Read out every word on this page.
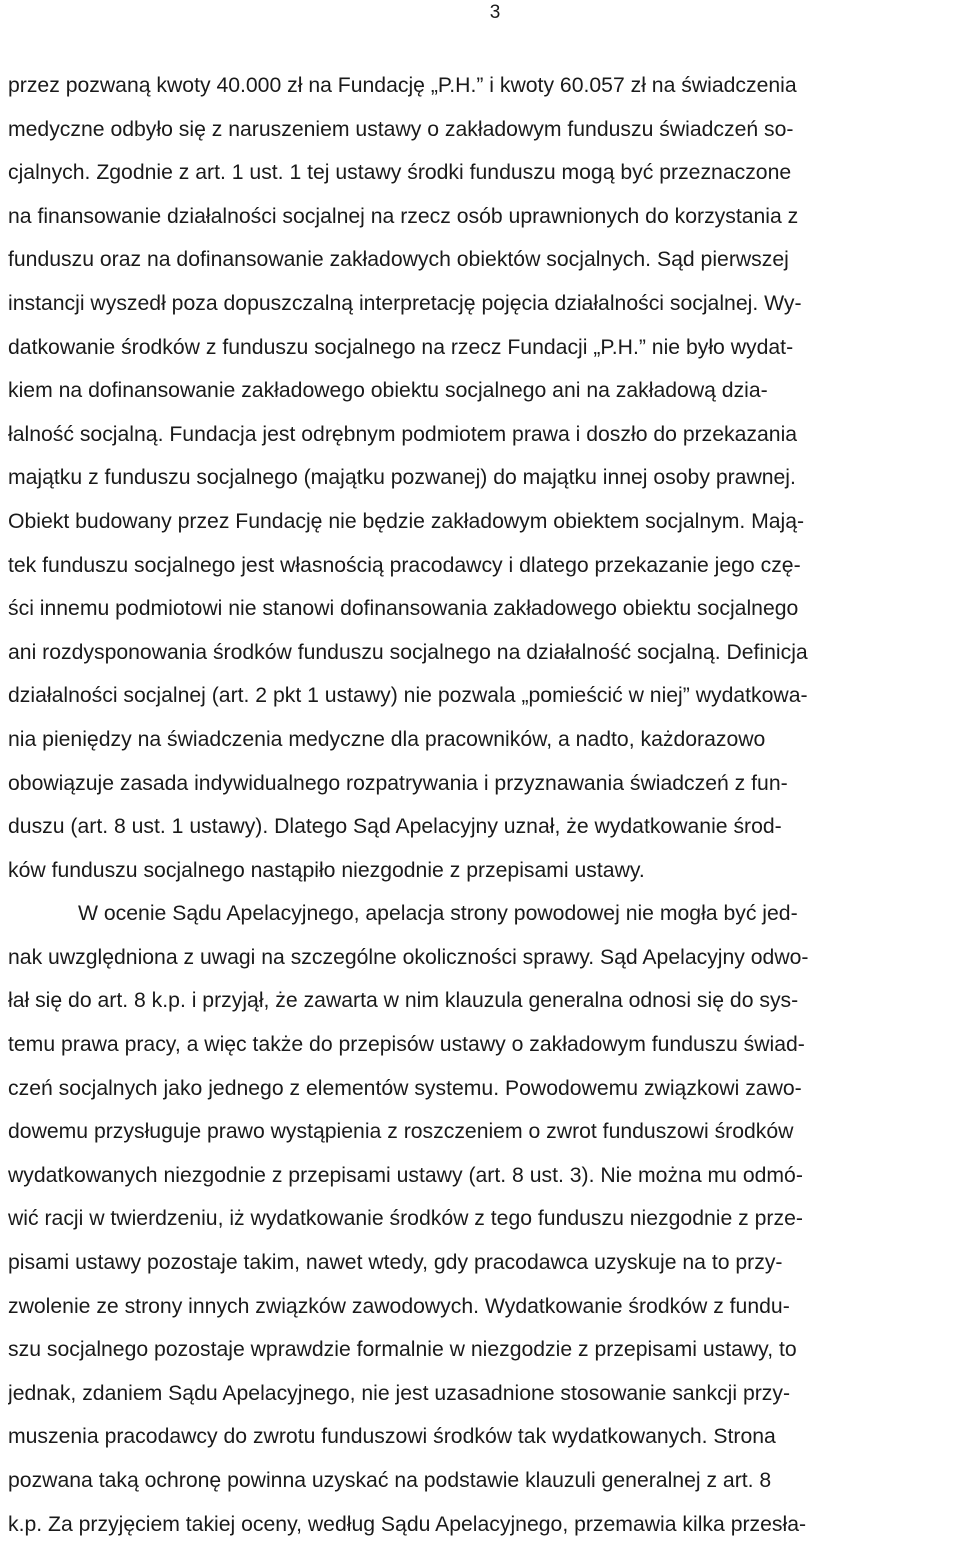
3
przez pozwaną kwoty 40.000 zł na Fundację „P.H.” i kwoty 60.057 zł na świadczenia
medyczne odbyło się z naruszeniem ustawy o zakładowym funduszu świadczeń so-
cjalnych. Zgodnie z art. 1 ust. 1 tej ustawy środki funduszu mogą być przeznaczone
na finansowanie działalności socjalnej na rzecz osób uprawnionych do korzystania z
funduszu oraz na dofinansowanie zakładowych obiektów socjalnych. Sąd pierwszej
instancji wyszedł poza dopuszczalną interpretację pojęcia działalności socjalnej. Wy-
datkowanie środków z funduszu socjalnego na rzecz Fundacji „P.H.” nie było wydat-
kiem na dofinansowanie zakładowego obiektu socjalnego ani na zakładową dzia-
łalność socjalną. Fundacja jest odrębnym podmiotem prawa i doszło do przekazania
majątku z funduszu socjalnego (majątku pozwanej) do majątku innej osoby prawnej.
Obiekt budowany przez Fundację nie będzie zakładowym obiektem socjalnym. Mają-
tek funduszu socjalnego jest własnością pracodawcy i dlatego przekazanie jego czę-
ści innemu podmiotowi nie stanowi dofinansowania zakładowego obiektu socjalnego
ani rozdysponowania środków funduszu socjalnego na działalność socjalną. Definicja
działalności socjalnej (art. 2 pkt 1 ustawy) nie pozwala „pomieścić w niej” wydatkowa-
nia pieniędzy na świadczenia medyczne dla pracowników, a nadto, każdorazowo
obowiązuje zasada indywidualnego rozpatrywania i przyznawania świadczeń z fun-
duszu (art. 8 ust. 1 ustawy). Dlatego Sąd Apelacyjny uznał, że wydatkowanie środ-
ków funduszu socjalnego nastąpiło niezgodnie z przepisami ustawy.
W ocenie Sądu Apelacyjnego, apelacja strony powodowej nie mogła być jed-
nak uwzględniona z uwagi na szczególne okoliczności sprawy. Sąd Apelacyjny odwo-
łał się do art. 8 k.p. i przyjął, że zawarta w nim klauzula generalna odnosi się do sys-
temu prawa pracy, a więc także do przepisów ustawy o zakładowym funduszu świad-
czeń socjalnych jako jednego z elementów systemu. Powodowemu związkowi zawo-
dowemu przysługuje prawo wystąpienia z roszczeniem o zwrot funduszowi środków
wydatkowanych niezgodnie z przepisami ustawy (art. 8 ust. 3). Nie można mu odmó-
wić racji w twierdzeniu, iż wydatkowanie środków z tego funduszu niezgodnie z prze-
pisami ustawy pozostaje takim, nawet wtedy, gdy pracodawca uzyskuje na to przy-
zwolenie ze strony innych związków zawodowych. Wydatkowanie środków z fundu-
szu socjalnego pozostaje wprawdzie formalnie w niezgodzie z przepisami ustawy, to
jednak, zdaniem Sądu Apelacyjnego, nie jest uzasadnione stosowanie sankcji przy-
muszenia pracodawcy do zwrotu funduszowi środków tak wydatkowanych. Strona
pozwana taką ochronę powinna uzyskać na podstawie klauzuli generalnej z art. 8
k.p. Za przyjęciem takiej oceny, według Sądu Apelacyjnego, przemawia kilka przesła-
